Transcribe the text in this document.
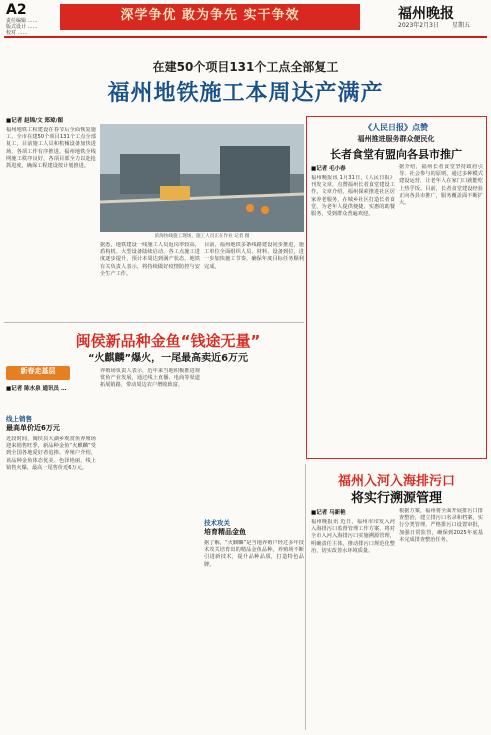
A2
责任编辑 ……
版式设计 ……
校对 ……
深学争优 敢为争先 实干争效	福州晚报
2023年2月3日 星期五
在建50个项目131个工点全部复工
福州地铁施工本周达产满产
■记者 赵锦/文 郑琼/图
福州地铁工程建设在春节后全面恢复施工，全市在建50个项目131个工点全部复工，目前施工人员和机械设备加快进场，各项工作有序推进。福州地铁全线网施工秩序良好，各项目部全力以赴抢抓进度，确保工程建设按计划推进。
滨海快线施工现场，施工人员正在作业 记者 摄
据悉，地铁建设一线施工人员返岗率较高，盾构机、大型设备陆续启动，各工点施工进度逐步提升，预计本周达到满产状态。地铁有关负责人表示，将持续做好疫情防控与安全生产工作。
目前，福州地铁多条线路建设同步推进，施工单位全面组织人员、材料、设备到位，进一步加快施工节奏，确保年度目标任务顺利完成。
《人民日报》点赞
福州推进服务群众便民化
长者食堂有盟向各县市推广
■记者 毛小春
福州晚报讯 1月31日，《人民日报》刊发文章，点赞福州长者食堂建设工作。文章介绍，福州探索推进社区居家养老服务，在城乡社区打造长者食堂，为老年人提供便捷、实惠的助餐服务，受到群众普遍欢迎。
据介绍，福州长者食堂坚持政府引导、社会参与的原则，通过多种模式建设运营，让老年人在家门口就能吃上热乎饭。目前，长者食堂建设经验正向各县市推广，服务覆盖面不断扩大。
闽侯新品种金鱼“钱途无量”
“火麒麟”爆火，一尾最高卖近6万元
新春走基层
■记者 陈水泉 通讯员 …
线上销售
最高单价近6万元
近段时间，闽侯县大湖乡观赏鱼养殖场迎来销售旺季，新品种金鱼“火麒麟”受到全国各地爱好者追捧。养殖户介绍，该品种金鱼体态优美、色泽艳丽，线上销售火爆，最高一尾售价近6万元。
养殖场负责人表示，近年来当地积极推进观赏鱼产业发展，通过线上直播、电商等渠道拓展销路，带动周边农户增收致富。
技术攻关
培育精品金鱼
据了解，“火麒麟”是当地养殖户经过多年技术攻关培育出的精品金鱼品种。养殖场不断引进新技术，提升品种品质，打造特色品牌。
福州入河入海排污口
将实行溯源管理
■记者 马新艳
福州晚报讯 近日，福州市印发入河入海排污口监督管理工作方案，将对全市入河入海排污口实施溯源管理，明确责任主体，推动排污口规范化整治，切实改善水环境质量。
根据方案，福州将全面开展排污口排查整治，建立排污口名录和档案，实行分类管理，严格排污口设置审批，加强日常监管，确保到2025年底基本完成排查整治任务。
